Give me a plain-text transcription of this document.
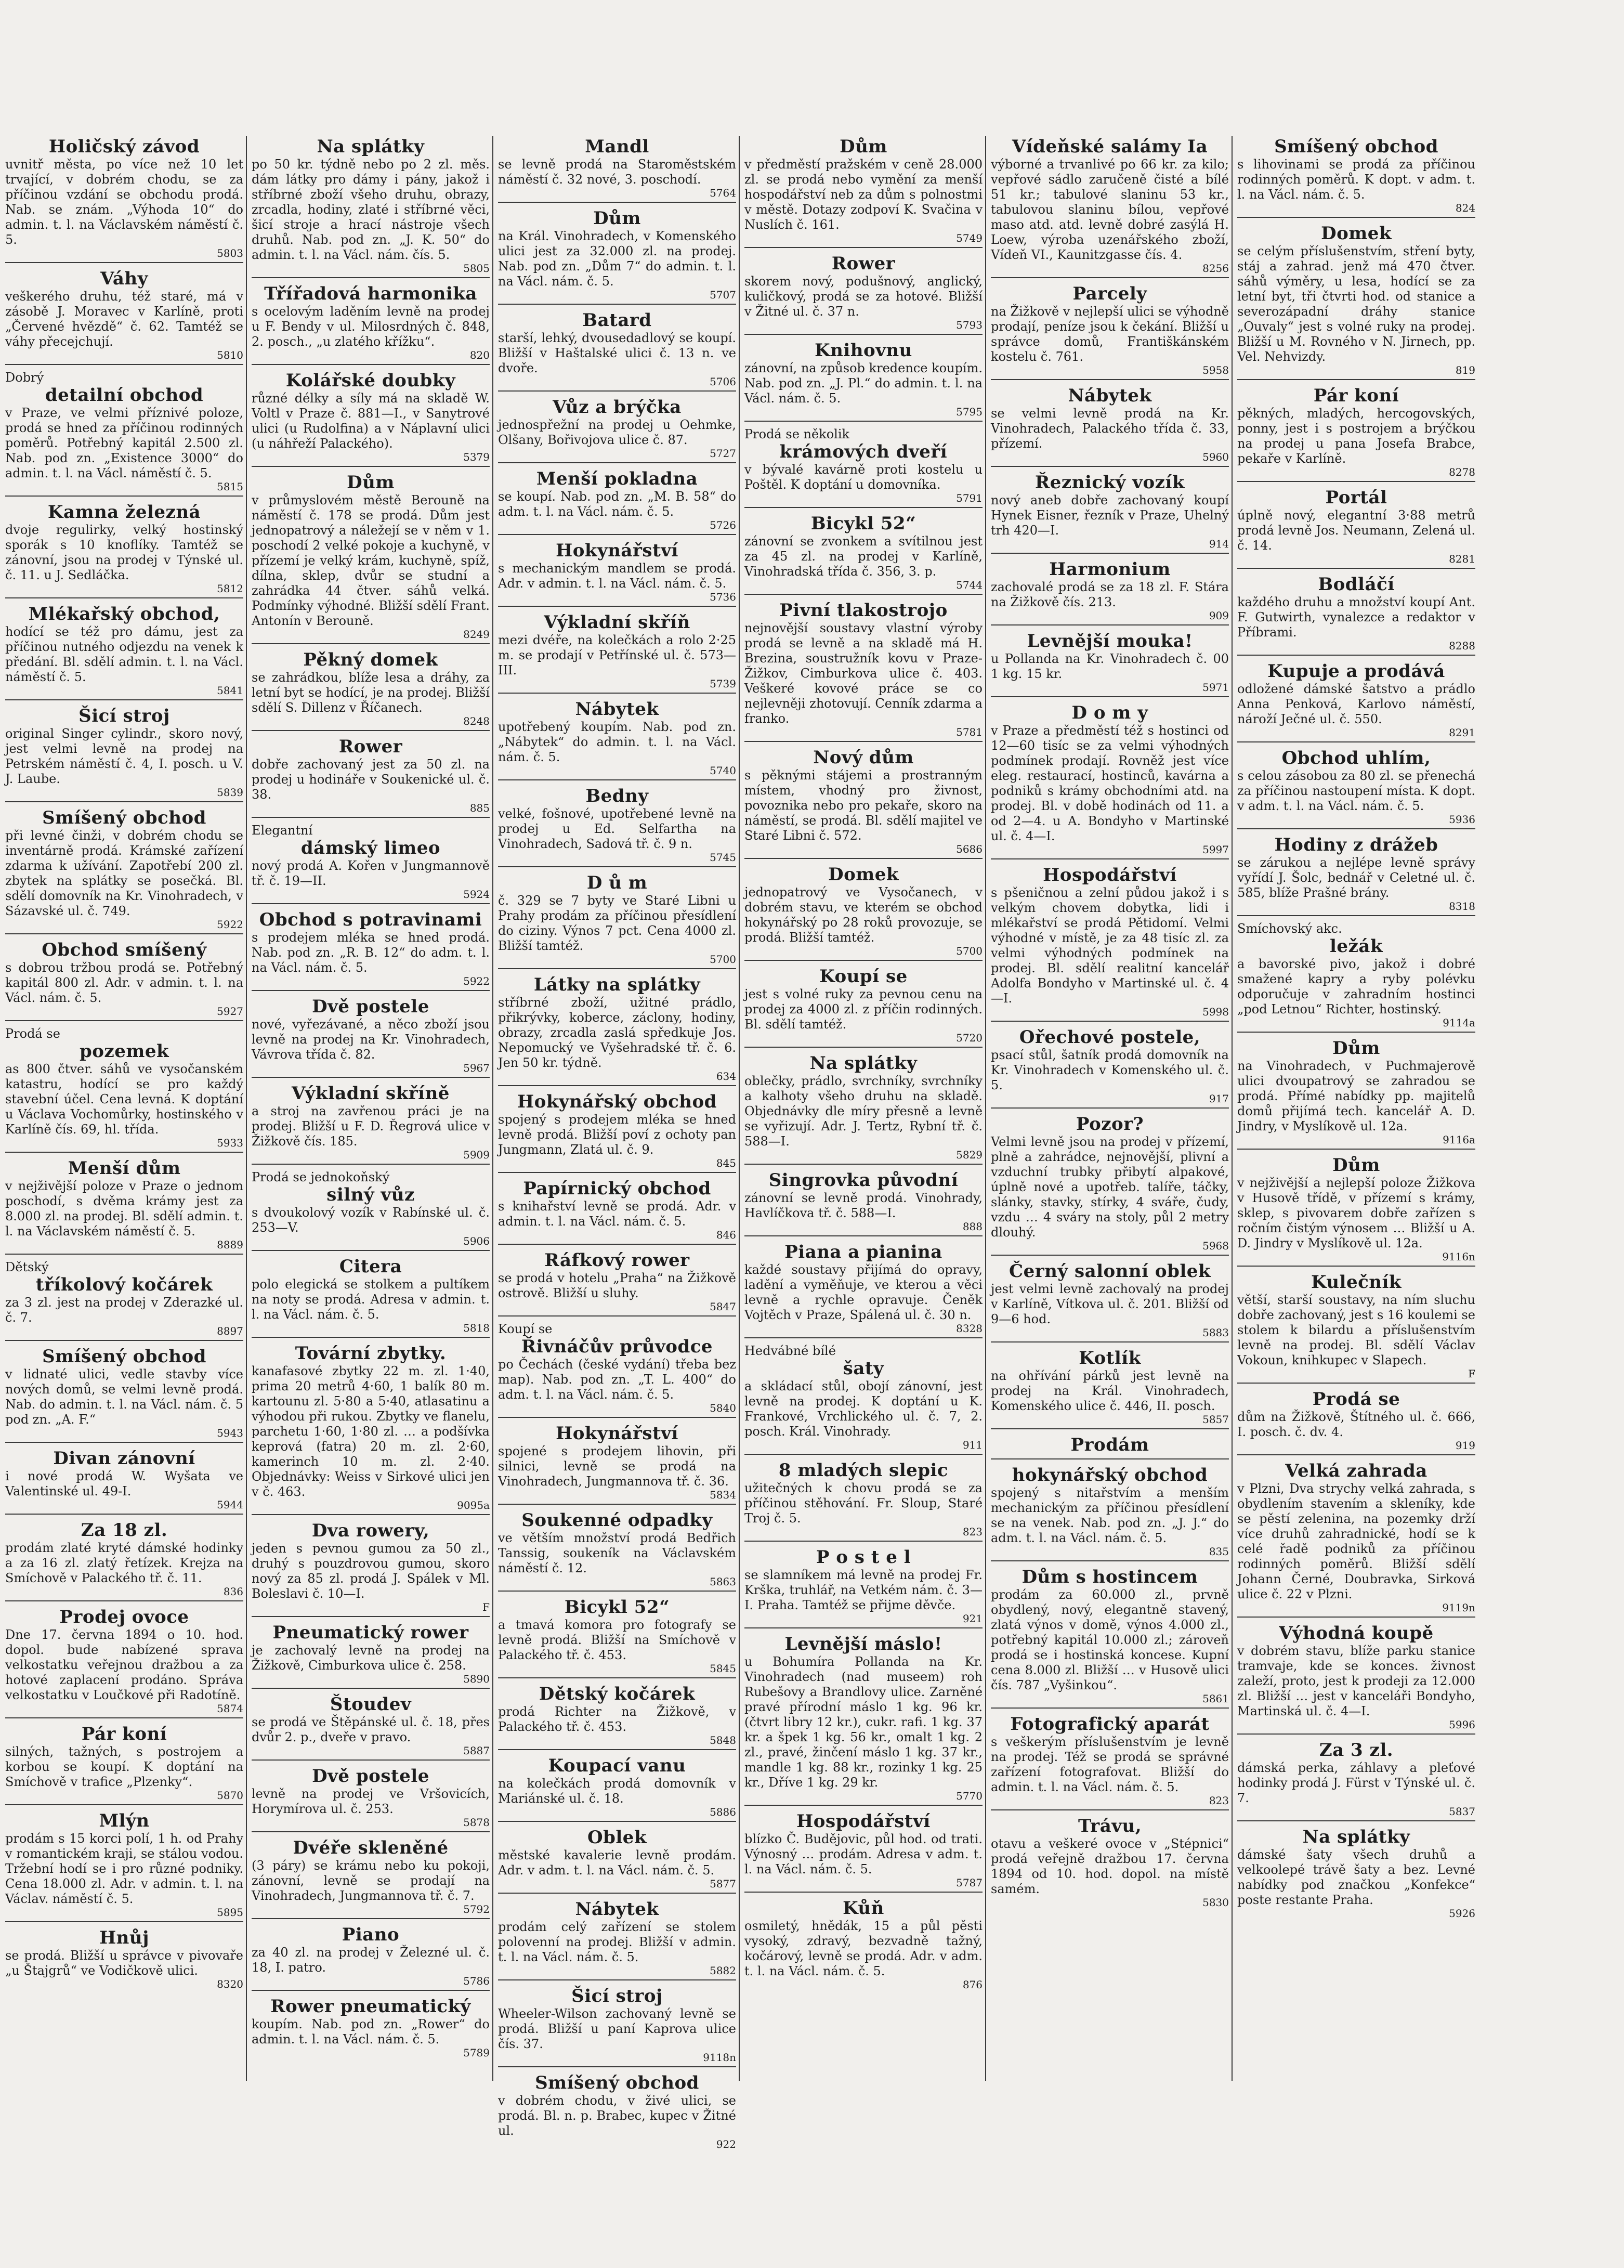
Holičský závod
uvnitř města, po více než 10 let trvající, v dobrém chodu, se za příčinou vzdání se obchodu prodá. Nab. se znám. „Výhoda 10“ do admin. t. l. na Václavském náměstí č. 5.
5803
Váhy
veškerého druhu, též staré, má v zásobě J. Moravec v Karlíně, proti „Červené hvězdě“ č. 62. Tamtéž se váhy přecejchují.
5810
Dobrý
detailní obchod
v Praze, ve velmi příznivé poloze, prodá se hned za příčinou rodinných poměrů. Potřebný kapitál 2.500 zl. Nab. pod zn. „Existence 3000“ do admin. t. l. na Václ. náměstí č. 5.
5815
Kamna železná
dvoje regulirky, velký hostinský sporák s 10 knoflíky. Tamtéž se zánovní, jsou na prodej v Týnské ul. č. 11. u J. Sedláčka.
5812
Mlékařský obchod,
hodící se též pro dámu, jest za příčinou nutného odjezdu na venek k předání. Bl. sdělí admin. t. l. na Václ. náměstí č. 5.
5841
Šicí stroj
original Singer cylindr., skoro nový, jest velmi levně na prodej na Petrském náměstí č. 4, I. posch. u V. J. Laube.
5839
Smíšený obchod
při levné činži, v dobrém chodu se inventárně prodá. Krámské zařízení zdarma k užívání. Zapotřebí 200 zl. zbytek na splátky se posečká. Bl. sdělí domovník na Kr. Vinohradech, v Sázavské ul. č. 749.
5922
Obchod smíšený
s dobrou tržbou prodá se. Potřebný kapitál 800 zl. Adr. v admin. t. l. na Václ. nám. č. 5.
5927
Prodá se
pozemek
as 800 čtver. sáhů ve vysočanském katastru, hodící se pro každý stavební účel. Cena levná. K doptání u Václava Vochomůrky, hostinského v Karlíně čís. 69, hl. třída.
5933
Menší dům
v nejživější poloze v Praze o jednom poschodí, s dvěma krámy jest za 8.000 zl. na prodej. Bl. sdělí admin. t. l. na Václavském náměstí č. 5.
8889
Dětský
tříkolový kočárek
za 3 zl. jest na prodej v Zderazké ul. č. 7.
8897
Smíšený obchod
v lidnaté ulici, vedle stavby více nových domů, se velmi levně prodá. Nab. do admin. t. l. na Václ. nám. č. 5 pod zn. „A. F.“
5943
Divan zánovní
i nové prodá W. Wyšata ve Valentinské ul. 49-I.
5944
Za 18 zl.
prodám zlaté kryté dámské hodinky a za 16 zl. zlatý řetízek. Krejza na Smíchově v Palackého tř. č. 11.
836
Prodej ovoce
Dne 17. června 1894 o 10. hod. dopol. bude nabízené sprava velkostatku veřejnou dražbou a za hotové zaplacení prodáno. Správa velkostatku v Loučkové při Radotíně.
5874
Pár koní
silných, tažných, s postrojem a korbou se koupí. K doptání na Smíchově v trafice „Plzenky“.
5870
Mlýn
prodám s 15 korci polí, 1 h. od Prahy v romantickém kraji, se stálou vodou. Tržební hodí se i pro různé podniky. Cena 18.000 zl. Adr. v admin. t. l. na Václav. náměstí č. 5.
5895
Hnůj
se prodá. Bližší u správce v pivovaře „u Štajgrů“ ve Vodičkově ulici.
8320
Na splátky
po 50 kr. týdně nebo po 2 zl. měs. dám látky pro dámy i pány, jakož i stříbrné zboží všeho druhu, obrazy, zrcadla, hodiny, zlaté i stříbrné věci, šicí stroje a hrací nástroje všech druhů. Nab. pod zn. „J. K. 50“ do admin. t. l. na Václ. nám. čís. 5.
5805
Třířadová harmonika
s ocelovým laděním levně na prodej u F. Bendy v ul. Milosrdných č. 848, 2. posch., „u zlatého křížku“.
820
Kolářské doubky
různé délky a síly má na skladě W. Voltl v Praze č. 881—I., v Sanytrové ulici (u Rudolfina) a v Náplavní ulici (u náhřeží Palackého).
5379
Dům
v průmyslovém městě Berouně na náměstí č. 178 se prodá. Dům jest jednopatrový a náležejí se v něm v 1. poschodí 2 velké pokoje a kuchyně, v přízemí je velký krám, kuchyně, spíž, dílna, sklep, dvůr se studní a zahrádka 44 čtver. sáhů velká. Podmínky výhodné. Bližší sdělí Frant. Antonín v Berouně.
8249
Pěkný domek
se zahrádkou, blíže lesa a dráhy, za letní byt se hodící, je na prodej. Bližší sdělí S. Dillenz v Říčanech.
8248
Rower
dobře zachovaný jest za 50 zl. na prodej u hodináře v Soukenické ul. č. 38.
885
Elegantní
dámský limeo
nový prodá A. Kořen v Jungmannově tř. č. 19—II.
5924
Obchod s potravinami
s prodejem mléka se hned prodá. Nab. pod zn. „R. B. 12“ do adm. t. l. na Václ. nám. č. 5.
5922
Dvě postele
nové, vyřezávané, a něco zboží jsou levně na prodej na Kr. Vinohradech, Vávrova třída č. 82.
5967
Výkladní skříně
a stroj na zavřenou práci je na prodej. Bližší u F. D. Řegrová ulice v Žižkově čís. 185.
5909
Prodá se jednokoňský
silný vůz
s dvoukolový vozík v Rabínské ul. č. 253—V.
5906
Citera
polo elegická se stolkem a pultíkem na noty se prodá. Adresa v admin. t. l. na Václ. nám. č. 5.
5818
Tovární zbytky.
kanafasové zbytky 22 m. zl. 1·40, prima 20 metrů 4·60, 1 balík 80 m. kartounu zl. 5·80 a 5·40, atlasatinu a výhodou při rukou. Zbytky ve flanelu, parchetu 1·60, 1·80 zl. … a podšívka keprová (fatra) 20 m. zl. 2·60, kamerinch 10 m. zl. 2·40. Objednávky: Weiss v Sirkové ulici jen v č. 463.
9095a
Dva rowery,
jeden s pevnou gumou za 50 zl., druhý s pouzdrovou gumou, skoro nový za 85 zl. prodá J. Spálek v Ml. Boleslavi č. 10—I.
F
Pneumatický rower
je zachovalý levně na prodej na Žižkově, Cimburkova ulice č. 258.
5890
Štoudev
se prodá ve Štěpánské ul. č. 18, přes dvůr 2. p., dveře v pravo.
5887
Dvě postele
levně na prodej ve Vršovicích, Horymírova ul. č. 253.
5878
Dvéře skleněné
(3 páry) se krámu nebo ku pokoji, zánovní, levně se prodají na Vinohradech, Jungmannova tř. č. 7.
5792
Piano
za 40 zl. na prodej v Železné ul. č. 18, I. patro.
5786
Rower pneumatický
koupím. Nab. pod zn. „Rower“ do admin. t. l. na Václ. nám. č. 5.
5789
Mandl
se levně prodá na Staroměstském náměstí č. 32 nové, 3. poschodí.
5764
Dům
na Král. Vinohradech, v Komenského ulici jest za 32.000 zl. na prodej. Nab. pod zn. „Dům 7“ do admin. t. l. na Václ. nám. č. 5.
5707
Batard
starší, lehký, dvousedadlový se koupí. Bližší v Haštalské ulici č. 13 n. ve dvoře.
5706
Vůz a brýčka
jednospřežní na prodej u Oehmke, Olšany, Bořivojova ulice č. 87.
5727
Menší pokladna
se koupí. Nab. pod zn. „M. B. 58“ do adm. t. l. na Václ. nám. č. 5.
5726
Hokynářství
s mechanickým mandlem se prodá. Adr. v admin. t. l. na Václ. nám. č. 5.
5736
Výkladní skříň
mezi dvéře, na kolečkách a rolo 2·25 m. se prodají v Petřínské ul. č. 573—III.
5739
Nábytek
upotřebený koupím. Nab. pod zn. „Nábytek“ do admin. t. l. na Václ. nám. č. 5.
5740
Bedny
velké, fošnové, upotřebené levně na prodej u Ed. Selfartha na Vinohradech, Sadová tř. č. 9 n.
5745
D ů m
č. 329 se 7 byty ve Staré Libni u Prahy prodám za příčinou přesídlení do ciziny. Výnos 7 pct. Cena 4000 zl. Bližší tamtéž.
5700
Látky na splátky
stříbrné zboží, užitné prádlo, přikrývky, koberce, záclony, hodiny, obrazy, zrcadla zaslá spředkuje Jos. Nepomucký ve Vyšehradské tř. č. 6. Jen 50 kr. týdně.
634
Hokynářský obchod
spojený s prodejem mléka se hned levně prodá. Bližší poví z ochoty pan Jungmann, Zlatá ul. č. 9.
845
Papírnický obchod
s knihařství levně se prodá. Adr. v admin. t. l. na Václ. nám. č. 5.
846
Ráfkový rower
se prodá v hotelu „Praha“ na Žižkově ostrově. Bližší u sluhy.
5847
Koupí se
Řivnáčův průvodce
po Čechách (české vydání) třeba bez map). Nab. pod zn. „T. L. 400“ do adm. t. l. na Václ. nám. č. 5.
5840
Hokynářství
spojené s prodejem lihovin, při silnici, levně se prodá na Vinohradech, Jungmannova tř. č. 36.
5834
Soukenné odpadky
ve větším množství prodá Bedřich Tanssig, soukeník na Václavském náměstí č. 12.
5863
Bicykl 52“
a tmavá komora pro fotografy se levně prodá. Bližší na Smíchově v Palackého tř. č. 453.
5845
Dětský kočárek
prodá Richter na Žižkově, v Palackého tř. č. 453.
5848
Koupací vanu
na kolečkách prodá domovník v Mariánské ul. č. 18.
5886
Oblek
městské kavalerie levně prodám. Adr. v adm. t. l. na Václ. nám. č. 5.
5877
Nábytek
prodám celý zařízení se stolem polovenní na prodej. Bližší v admin. t. l. na Václ. nám. č. 5.
5882
Šicí stroj
Wheeler-Wilson zachovaný levně se prodá. Bližší u paní Kaprova ulice čís. 37.
9118n
Smíšený obchod
v dobrém chodu, v živé ulici, se prodá. Bl. n. p. Brabec, kupec v Žitné ul.
922
Dům
v předměstí pražském v ceně 28.000 zl. se prodá nebo vymění za menší hospodářství neb za dům s polnostmi v městě. Dotazy zodpoví K. Svačina v Nuslích č. 161.
5749
Rower
skorem nový, podušnový, anglický, kuličkový, prodá se za hotové. Bližší v Žitné ul. č. 37 n.
5793
Knihovnu
zánovní, na způsob kredence koupím. Nab. pod zn. „J. Pl.“ do admin. t. l. na Václ. nám. č. 5.
5795
Prodá se několik
krámových dveří
v bývalé kavárně proti kostelu u Poštěl. K doptání u domovníka.
5791
Bicykl 52“
zánovní se zvonkem a svítilnou jest za 45 zl. na prodej v Karlíně, Vinohradská třída č. 356, 3. p.
5744
Pivní tlakostrojo
nejnovější soustavy vlastní výroby prodá se levně a na skladě má H. Brezina, soustružník kovu v Praze-Žižkov, Cimburkova ulice č. 403. Veškeré kovové práce se co nejlevněji zhotovují. Cenník zdarma a franko.
5781
Nový dům
s pěknými stájemi a prostranným místem, vhodný pro živnost, povoznika nebo pro pekaře, skoro na náměstí, se prodá. Bl. sdělí majitel ve Staré Libni č. 572.
5686
Domek
jednopatrový ve Vysočanech, v dobrém stavu, ve kterém se obchod hokynářský po 28 roků provozuje, se prodá. Bližší tamtéž.
5700
Koupí se
jest s volné ruky za pevnou cenu na prodej za 4000 zl. z příčin rodinných. Bl. sdělí tamtéž.
5720
Na splátky
oblečky, prádlo, svrchníky, svrchníky a kalhoty všeho druhu na skladě. Objednávky dle míry přesně a levně se vyřizují. Adr. J. Tertz, Rybní tř. č. 588—I.
5829
Singrovka původní
zánovní se levně prodá. Vinohrady, Havlíčkova tř. č. 588—I.
888
Piana a pianina
každé soustavy přijímá do opravy, ladění a vyměňuje, ve kterou a věci levně a rychle opravuje. Čeněk Vojtěch v Praze, Spálená ul. č. 30 n.
8328
Hedvábné bílé
šaty
a skládací stůl, obojí zánovní, jest levně na prodej. K doptání u K. Frankové, Vrchlického ul. č. 7, 2. posch. Král. Vinohrady.
911
8 mladých slepic
užitečných k chovu prodá se za příčinou stěhování. Fr. Sloup, Staré Troj č. 5.
823
P o s t e l
se slamníkem má levně na prodej Fr. Krška, truhlář, na Vetkém nám. č. 3—I. Praha. Tamtéž se přijme děvče.
921
Levnější máslo!
u Bohumíra Pollanda na Kr. Vinohradech (nad museem) roh Rubešovy a Brandlovy ulice. Zarněné pravé přírodní máslo 1 kg. 96 kr. (čtvrt libry 12 kr.), cukr. rafi. 1 kg. 37 kr. a špek 1 kg. 56 kr., omalt 1 kg. 2 zl., pravé, žinčení máslo 1 kg. 37 kr., mandle 1 kg. 88 kr., rozinky 1 kg. 25 kr., Dříve 1 kg. 29 kr.
5770
Hospodářství
blízko Č. Budějovic, půl hod. od trati. Výnosný … prodám. Adresa v adm. t. l. na Václ. nám. č. 5.
5787
Kůň
osmiletý, hnědák, 15 a půl pěsti vysoký, zdravý, bezvadně tažný, kočárový, levně se prodá. Adr. v adm. t. l. na Václ. nám. č. 5.
876
Vídeňské salámy Ia
výborné a trvanlivé po 66 kr. za kilo; vepřové sádlo zaručeně čisté a bílé 51 kr.; tabulové slaninu 53 kr., tabulovou slaninu bílou, vepřové maso atd. atd. levně dobré zasýlá H. Loew, výroba uzenářského zboží, Vídeň VI., Kaunitzgasse čís. 4.
8256
Parcely
na Žižkově v nejlepší ulici se výhodně prodají, peníze jsou k čekání. Bližší u správce domů, Františkánském kostelu č. 761.
5958
Nábytek
se velmi levně prodá na Kr. Vinohradech, Palackého třída č. 33, přízemí.
5960
Řeznický vozík
nový aneb dobře zachovaný koupí Hynek Eisner, řezník v Praze, Uhelný trh 420—I.
914
Harmonium
zachovalé prodá se za 18 zl. F. Stára na Žižkově čís. 213.
909
Levnější mouka!
u Pollanda na Kr. Vinohradech č. 00 1 kg. 15 kr.
5971
D o m y
v Praze a předměstí též s hostinci od 12—60 tisíc se za velmi výhodných podmínek prodají. Rovněž jest více eleg. restaurací, hostinců, kavárna a podniků s krámy obchodními atd. na prodej. Bl. v době hodinách od 11. a od 2—4. u A. Bondyho v Martinské ul. č. 4—I.
5997
Hospodářství
s pšeničnou a zelní půdou jakož i s velkým chovem dobytka, lidi i mlékařství se prodá Pětidomí. Velmi výhodné v místě, je za 48 tisíc zl. za velmi výhodných podmínek na prodej. Bl. sdělí realitní kancelář Adolfa Bondyho v Martinské ul. č. 4—I.
5998
Ořechové postele,
psací stůl, šatník prodá domovník na Kr. Vinohradech v Komenského ul. č. 5.
917
Pozor?
Velmi levně jsou na prodej v přízemí, plně a zahrádce, nejnovější, plivní a vzduchní trubky přibytí alpakové, úplně nové a upotřeb. talíře, táčky, slánky, stavky, stírky, 4 sváře, čudy, vzdu … 4 sváry na stoly, půl 2 metry dlouhý.
5968
Černý salonní oblek
jest velmi levně zachovalý na prodej v Karlíně, Vítkova ul. č. 201. Bližší od 9—6 hod.
5883
Kotlík
na ohřívání párků jest levně na prodej na Král. Vinohradech, Komenského ulice č. 446, II. posch.
5857
Prodám
hokynářský obchod
spojený s nitařstvím a menším mechanickým za příčinou přesídlení se na venek. Nab. pod zn. „J. J.“ do adm. t. l. na Václ. nám. č. 5.
835
Dům s hostincem
prodám za 60.000 zl., prvně obydlený, nový, elegantně stavený, zlatá výnos v domě, výnos 4.000 zl., potřebný kapitál 10.000 zl.; zároveň prodá se i hostinská koncese. Kupní cena 8.000 zl. Bližší … v Husově ulici čís. 787 „Vyšinkou“.
5861
Fotografický aparát
s veškerým příslušenstvím je levně na prodej. Též se prodá se správné zařízení fotografovat. Bližší do admin. t. l. na Václ. nám. č. 5.
823
Trávu,
otavu a veškeré ovoce v „Stépnici“ prodá veřejně dražbou 17. června 1894 od 10. hod. dopol. na místě samém.
5830
Smíšený obchod
s lihovinami se prodá za příčinou rodinných poměrů. K dopt. v adm. t. l. na Václ. nám. č. 5.
824
Domek
se celým příslušenstvím, stření byty, stáj a zahrad. jenž má 470 čtver. sáhů výměry, u lesa, hodící se za letní byt, tři čtvrti hod. od stanice a severozápadní dráhy stanice „Ouvaly“ jest s volné ruky na prodej. Bližší u M. Rovného v N. Jirnech, pp. Vel. Nehvizdy.
819
Pár koní
pěkných, mladých, hercogovských, ponny, jest i s postrojem a brýčkou na prodej u pana Josefa Brabce, pekaře v Karlíně.
8278
Portál
úplně nový, elegantní 3·88 metrů prodá levně Jos. Neumann, Zelená ul. č. 14.
8281
Bodláčí
každého druhu a množství koupí Ant. F. Gutwirth, vynalezce a redaktor v Příbrami.
8288
Kupuje a prodává
odložené dámské šatstvo a prádlo Anna Penková, Karlovo náměstí, nároží Ječné ul. č. 550.
8291
Obchod uhlím,
s celou zásobou za 80 zl. se přenechá za příčinou nastoupení místa. K dopt. v adm. t. l. na Václ. nám. č. 5.
5936
Hodiny z drážeb
se zárukou a nejlépe levně správy vyřídí J. Šolc, bednář v Celetné ul. č. 585, blíže Prašné brány.
8318
Smíchovský akc.
ležák
a bavorské pivo, jakož i dobré smažené kapry a ryby polévku odporučuje v zahradním hostinci „pod Letnou“ Richter, hostinský.
9114a
Dům
na Vinohradech, v Puchmajerově ulici dvoupatrový se zahradou se prodá. Přímé nabídky pp. majitelů domů přijímá tech. kancelář A. D. Jindry, v Myslíkově ul. 12a.
9116a
Dům
v nejživější a nejlepší poloze Žižkova v Husově třídě, v přízemí s krámy, sklep, s pivovarem dobře zařízen s ročním čistým výnosem … Bližší u A. D. Jindry v Myslíkově ul. 12a.
9116n
Kulečník
větší, starší soustavy, na ním sluchu dobře zachovaný, jest s 16 koulemi se stolem k bilardu a příslušenstvím levně na prodej. Bl. sdělí Václav Vokoun, knihkupec v Slapech.
F
Prodá se
dům na Žižkově, Štítného ul. č. 666, I. posch. č. dv. 4.
919
Velká zahrada
v Plzni, Dva strychy velká zahrada, s obydlením stavením a skleníky, kde se pěstí zelenina, na pozemky drží více druhů zahradnické, hodí se k celé řadě podniků za příčinou rodinných poměrů. Bližší sdělí Johann Černé, Doubravka, Sirková ulice č. 22 v Plzni.
9119n
Výhodná koupě
v dobrém stavu, blíže parku stanice tramvaje, kde se konces. živnost zaleží, proto, jest k prodeji za 12.000 zl. Bližší … jest v kanceláři Bondyho, Martinská ul. č. 4—I.
5996
Za 3 zl.
dámská perka, záhlavy a pleťové hodinky prodá J. Fürst v Týnské ul. č. 7.
5837
Na splátky
dámské šaty všech druhů a velkoolepé trávě šaty a bez. Levné nabídky pod značkou „Konfekce“ poste restante Praha.
5926
